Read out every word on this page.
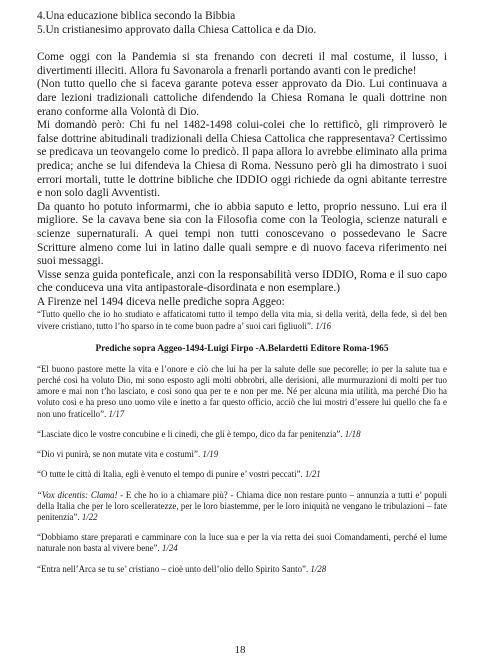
4.Una educazione biblica secondo la Bibbia

5.Un cristianesimo approvato dalla Chiesa Cattolica e da Dio.

Come oggi con la Pandemia si sta frenando con decreti il mal costume, il lusso, i divertimenti illeciti. Allora fu Savonarola a frenarli portando avanti con le prediche!

(Non tutto quello che si faceva garante poteva esser approvato da Dio. Lui continuava a dare lezioni tradizionali cattoliche difendendo la Chiesa Romana le quali dottrine non erano conforme alla Volontà di Dio.

Mi domandò però: Chi fu nel 1482-1498 colui-colei che lo rettificò, gli rimproverò le false dottrine abitudinali tradizionali della Chiesa Cattolica che rappresentava? Certissimo se predicava un teovangelo come lo predicò. Il papa allora lo avrebbe eliminato alla prima predica; anche se lui difendeva la Chiesa di Roma. Nessuno però gli ha dimostrato i suoi errori mortali, tutte le dottrine bibliche che IDDIO oggi richiede da ogni abitante terrestre e non solo dagli Avventisti.

Da quanto ho potuto informarmi, che io abbia saputo e letto, proprio nessuno. Lui era il migliore. Se la cavava bene sia con la Filosofia come con la Teologia, scienze naturali e scienze supernaturali. A quei tempi non tutti conoscevano o possedevano le Sacre Scritture almeno come lui in latino dalle quali sempre e di nuovo faceva riferimento nei suoi messaggi.

Visse senza guida ponteficale, anzi con la responsabilità verso IDDIO, Roma e il suo capo che conduceva una vita antipastorale-disordinata e non esemplare.)

A Firenze nel 1494 diceva nelle prediche sopra Aggeo:

“Tutto quello che io ho studiato e affaticatomi tutto il tempo della vita mia, sì della verità, della fede, sì del ben vivere cristiano, tutto l’ho sparso in te come buon padre a’ suoi cari figliuoli”. 1/16

Prediche sopra Aggeo-1494-Luigi Firpo -A.Belardetti Editore Roma-1965

“El buono pastore mette la vita e l’onore e ciò che lui ha per la salute delle sue pecorelle; io per la salute tua e perché così ha voluto Dio, mi sono esposto agli molti obbrobri, alle derisioni, alle murmurazioni di molti per tuo amore e mai non t’ho lasciato, e così sono qua per te e non per me. Né per alcuna mia utilità, ma perché Dio ha voluto così e ha preso uno uomo vile e inetto a far questo officio, acciò che lui mostri d’essere lui quello che fa e non uno fraticello”. 1/17

“Lasciate dico le vostre concubine e li cinedi, che gli è tempo, dico da far penitenzia”. 1/18

“Dio vi punirà, se non mutate vita e costumi”. 1/19

“O tutte le città di Italia, egli è venuto el tempo di punire e’ vostri peccati”. 1/21

“Vox dicentis: Clama! - E che ho io a chiamare più? - Chiama dice non restare punto – annunzia a tutti e’ populi della Italia che per le loro scelleratezze, per le loro biastemme, per le loro iniquità ne vengano le tribulazioni – fate penitenzia”. 1/22

“Dobbiamo stare preparati e camminare con la luce sua e per la via retta dei suoi Comandamenti, perché el lume naturale non basta al vivere bene”. 1/24

“Entra nell’Arca se tu se’ cristiano – cioè unto dell’olio dello Spirito Santo”. 1/28

18
